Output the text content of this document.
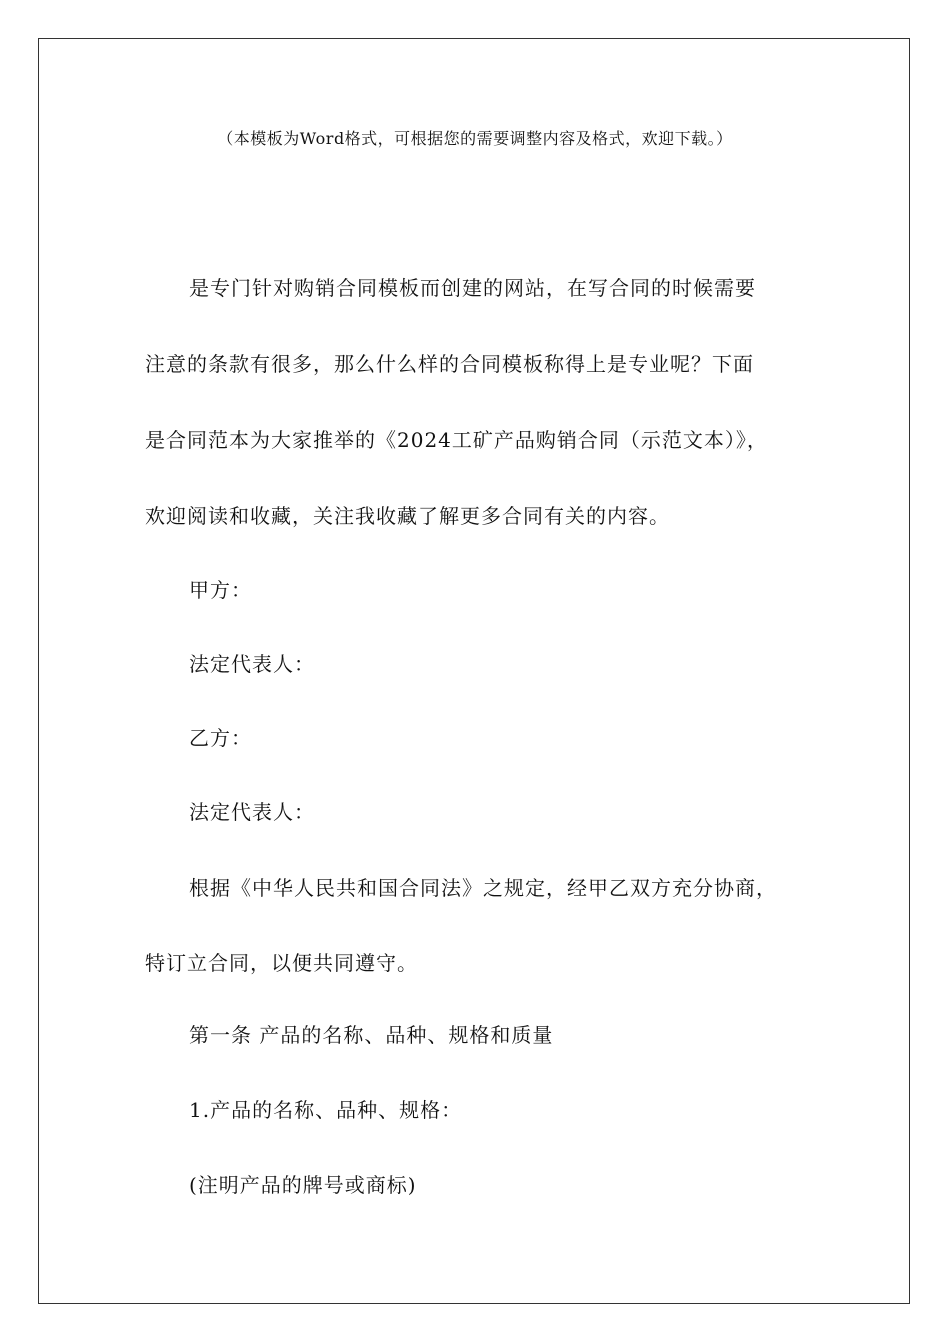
（本模板为Word格式，可根据您的需要调整内容及格式，欢迎下载。）
是专门针对购销合同模板而创建的网站，在写合同的时候需要
注意的条款有很多，那么什么样的合同模板称得上是专业呢？下面
是合同范本为大家推举的《2024工矿产品购销合同（示范文本）》，
欢迎阅读和收藏，关注我收藏了解更多合同有关的内容。
甲方：
法定代表人：
乙方：
法定代表人：
根据《中华人民共和国合同法》之规定，经甲乙双方充分协商，
特订立合同，以便共同遵守。
第一条 产品的名称、品种、规格和质量
1.产品的名称、品种、规格：
(注明产品的牌号或商标)
